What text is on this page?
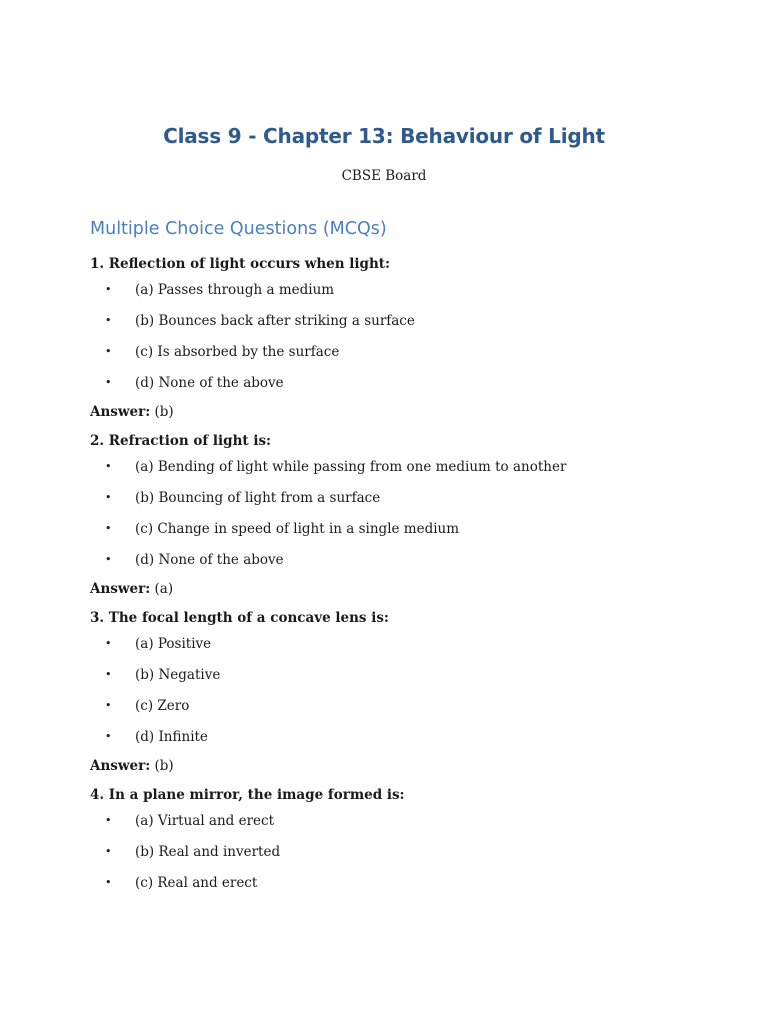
Class 9 - Chapter 13: Behaviour of Light

CBSE Board

Multiple Choice Questions (MCQs)

1. Reflection of light occurs when light:

• (a) Passes through a medium
• (b) Bounces back after striking a surface
• (c) Is absorbed by the surface
• (d) None of the above

Answer: (b)

2. Refraction of light is:

• (a) Bending of light while passing from one medium to another
• (b) Bouncing of light from a surface
• (c) Change in speed of light in a single medium
• (d) None of the above

Answer: (a)

3. The focal length of a concave lens is:

• (a) Positive
• (b) Negative
• (c) Zero
• (d) Infinite

Answer: (b)

4. In a plane mirror, the image formed is:

• (a) Virtual and erect
• (b) Real and inverted
• (c) Real and erect
